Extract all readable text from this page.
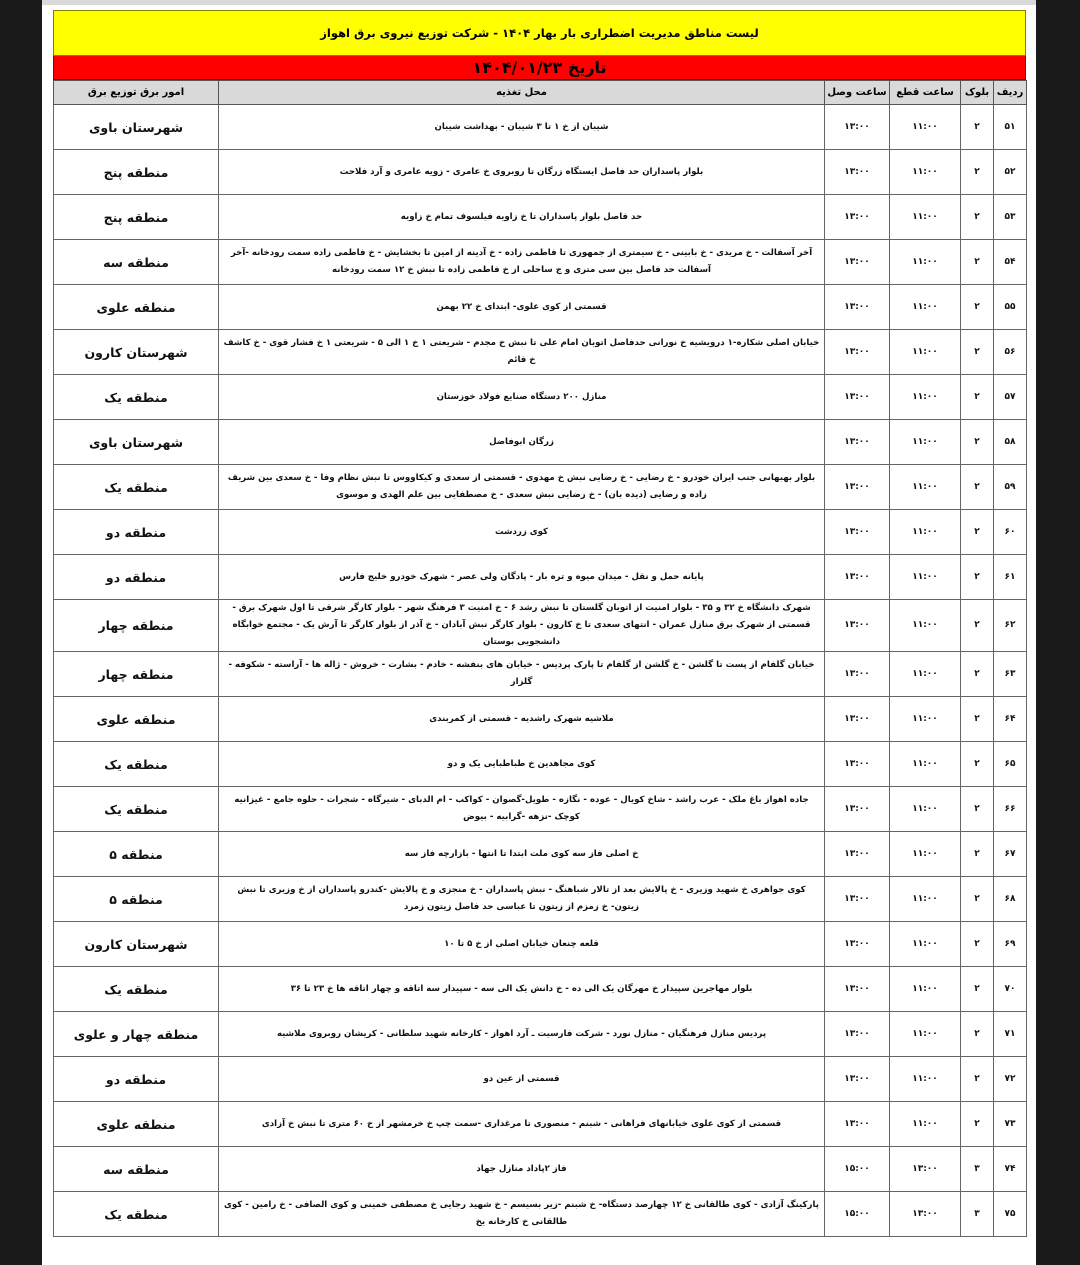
لیست مناطق مدیریت اضطراری بار بهار ۱۴۰۴ - شرکت توزیع نیروی برق اهواز
تاریخ ۱۴۰۴/۰۱/۲۳
ردیف	بلوک	ساعت قطع	ساعت وصل	محل تغذیه	امور برق توزیع برق
۵۱	۲	۱۱:۰۰	۱۳:۰۰	شیبان از خ ۱ تا ۳ شیبان - بهداشت شیبان	شهرستان باوی
۵۲	۲	۱۱:۰۰	۱۳:۰۰	بلوار پاسداران حد فاصل ایستگاه زرگان تا روبروی خ عامری - زویه عامری و آرد فلاحت	منطقه پنج
۵۳	۲	۱۱:۰۰	۱۳:۰۰	حد فاصل بلوار پاسداران تا خ زاویه فیلسوف تمام خ زاویه	منطقه پنج
۵۴	۲	۱۱:۰۰	۱۳:۰۰	آخر آسفالت - خ مریدی - خ بابینی - خ سیمتری از جمهوری تا فاطمی زاده - خ آدینه از امین تا بخشایش - خ فاطمی زاده سمت رودخانه -آخر آسفالت حد فاصل بین سی متری و ج ساحلی از خ فاطمی زاده تا نبش خ ۱۲ سمت رودخانه	منطقه سه
۵۵	۲	۱۱:۰۰	۱۳:۰۰	قسمتی از کوی علوی- ابتدای خ ۲۲ بهمن	منطقه علوی
۵۶	۲	۱۱:۰۰	۱۳:۰۰	خیابان اصلی شکاره-۱ درویشیه خ نورانی حدفاصل اتوبان امام علی تا نبش خ مجدم - شریعتی ۱ خ ۱ الی ۵ - شریعتی ۱ خ فشار قوی - خ کاشف خ قائم	شهرستان کارون
۵۷	۲	۱۱:۰۰	۱۳:۰۰	منازل ۲۰۰ دستگاه صنایع فولاد خوزستان	منطقه یک
۵۸	۲	۱۱:۰۰	۱۳:۰۰	زرگان ابوفاضل	شهرستان باوی
۵۹	۲	۱۱:۰۰	۱۳:۰۰	بلوار بهبهانی جنب ایران خودرو - خ رضایی - خ رضایی نبش خ مهدوی - قسمتی از سعدی و کیکاووس تا نبش نظام وفا - خ سعدی بین شریف زاده و رضایی (دیده بان) - خ رضایی نبش سعدی - خ مصطفایی بین علم الهدی و موسوی	منطقه یک
۶۰	۲	۱۱:۰۰	۱۳:۰۰	کوی زردشت	منطقه دو
۶۱	۲	۱۱:۰۰	۱۳:۰۰	پایانه حمل و نقل - میدان میوه و تره بار - پادگان ولی عصر - شهرک خودرو خلیج فارس	منطقه دو
۶۲	۲	۱۱:۰۰	۱۳:۰۰	شهرک دانشگاه خ ۳۲ و ۳۵ - بلوار امنیت از اتوبان گلستان تا نبش رشد ۶ - خ امنیت ۳ فرهنگ شهر - بلوار کارگر شرقی تا اول شهرک برق - قسمتی از شهرک برق منازل عمران - انتهای سعدی تا خ کارون - بلوار کارگر نبش آبادان - خ آذر از بلوار کارگر تا آرش یک - مجتمع خوابگاه دانشجویی بوستان	منطقه چهار
۶۳	۲	۱۱:۰۰	۱۳:۰۰	خیابان گلفام از پست تا گلشن - خ گلشن از گلفام تا پارک پردیس - خیابان های بنفشه - خادم - بشارت - خروش - ژاله ها - آراسته - شکوفه - گلزار	منطقه چهار
۶۴	۲	۱۱:۰۰	۱۳:۰۰	ملاشیه شهرک راشدیه - قسمتی از کمربندی	منطقه علوی
۶۵	۲	۱۱:۰۰	۱۳:۰۰	کوی مجاهدین خ طباطبایی یک و دو	منطقه یک
۶۶	۲	۱۱:۰۰	۱۳:۰۰	جاده اهواز باغ ملک - عرب راشد - شاخ کویال - عوده - نگازه - طویل-گصوان - کواکب - ام الدبای - شیرگاه - شجرات - حلوه جامع - غیزانیه کوچک -نزهه -گرابیه - بیوض	منطقه یک
۶۷	۲	۱۱:۰۰	۱۳:۰۰	خ اصلی فاز سه کوی ملت ابتدا تا انتها - بازارچه فاز سه	منطقه ۵
۶۸	۲	۱۱:۰۰	۱۳:۰۰	کوی جواهری خ شهید وزیری - خ پالایش بعد از تالار شباهنگ - نبش پاسداران - خ منجزی و خ پالایش -کندرو پاسداران از خ وزیری تا نبش زیتون- خ زمزم از زیتون تا عباسی حد فاصل زیتون زمرد	منطقه ۵
۶۹	۲	۱۱:۰۰	۱۳:۰۰	قلعه چنعان خیابان اصلی از خ ۵ تا ۱۰	شهرستان کارون
۷۰	۲	۱۱:۰۰	۱۳:۰۰	بلوار مهاجرین سپیدار خ مهرگان یک الی ده - خ دانش یک الی سه - سپیدار سه اتاقه و چهار اتاقه ها خ ۲۳ تا ۳۶	منطقه یک
۷۱	۲	۱۱:۰۰	۱۳:۰۰	پردیس منازل فرهنگیان - منازل نورد - شرکت فارسیت ـ آرد اهواز - کارخانه شهید سلطانی - کریشان روبروی ملاشیه	منطقه چهار و علوی
۷۲	۲	۱۱:۰۰	۱۳:۰۰	قسمتی از عین دو	منطقه دو
۷۳	۲	۱۱:۰۰	۱۳:۰۰	قسمتی از کوی علوی خیابانهای فراهانی - شبنم - منصوری تا مرغداری -سمت چپ خ خرمشهر از خ ۶۰ متری تا نبش خ آزادی	منطقه علوی
۷۴	۳	۱۳:۰۰	۱۵:۰۰	فاز ۲پاداد منازل جهاد	منطقه سه
۷۵	۳	۱۳:۰۰	۱۵:۰۰	پارکینگ آزادی - کوی طالقانی خ ۱۲ چهارصد دستگاه- خ شبنم -زیر بسیسم - خ شهید رجایی خ مصطفی خمینی و کوی الصافی - خ رامین - کوی طالقانی خ کارخانه یخ	منطقه یک
